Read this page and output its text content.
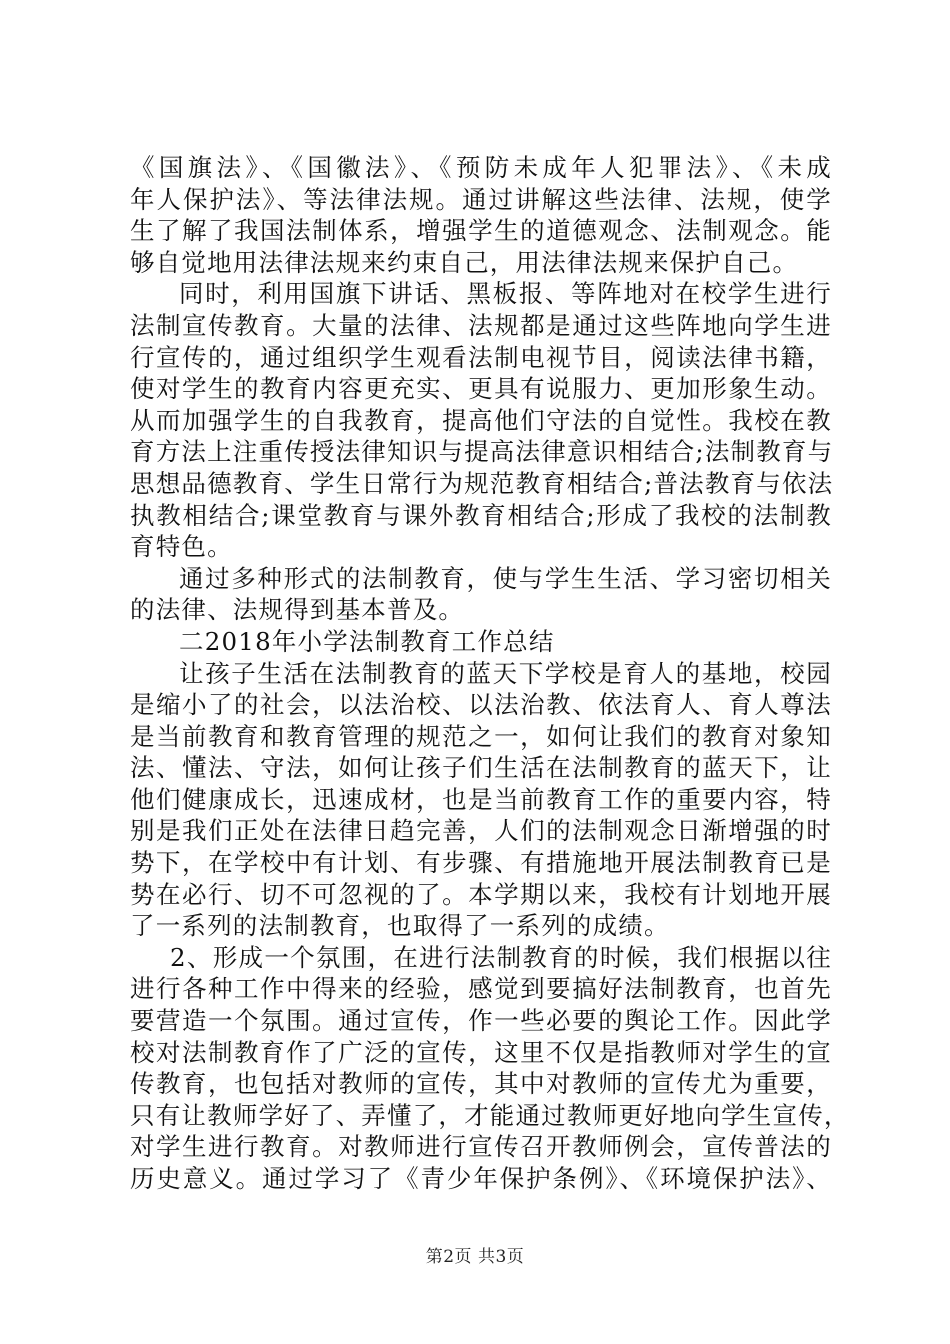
《国旗法》、《国徽法》、《预防未成年人犯罪法》、《未成
年人保护法》、等法律法规。通过讲解这些法律、法规，使学
生了解了我国法制体系，增强学生的道德观念、法制观念。能
够自觉地用法律法规来约束自己，用法律法规来保护自己。
同时，利用国旗下讲话、黑板报、等阵地对在校学生进行
法制宣传教育。大量的法律、法规都是通过这些阵地向学生进
行宣传的，通过组织学生观看法制电视节目，阅读法律书籍，
使对学生的教育内容更充实、更具有说服力、更加形象生动。
从而加强学生的自我教育，提高他们守法的自觉性。我校在教
育方法上注重传授法律知识与提高法律意识相结合;法制教育与
思想品德教育、学生日常行为规范教育相结合;普法教育与依法
执教相结合;课堂教育与课外教育相结合;形成了我校的法制教
育特色。
通过多种形式的法制教育，使与学生生活、学习密切相关
的法律、法规得到基本普及。
二2018年小学法制教育工作总结
让孩子生活在法制教育的蓝天下学校是育人的基地，校园
是缩小了的社会，以法治校、以法治教、依法育人、育人尊法
是当前教育和教育管理的规范之一，如何让我们的教育对象知
法、懂法、守法，如何让孩子们生活在法制教育的蓝天下，让
他们健康成长，迅速成材，也是当前教育工作的重要内容，特
别是我们正处在法律日趋完善，人们的法制观念日渐增强的时
势下，在学校中有计划、有步骤、有措施地开展法制教育已是
势在必行、切不可忽视的了。本学期以来，我校有计划地开展
了一系列的法制教育，也取得了一系列的成绩。
2、形成一个氛围，在进行法制教育的时候，我们根据以往
进行各种工作中得来的经验，感觉到要搞好法制教育，也首先
要营造一个氛围。通过宣传，作一些必要的舆论工作。因此学
校对法制教育作了广泛的宣传，这里不仅是指教师对学生的宣
传教育，也包括对教师的宣传，其中对教师的宣传尤为重要，
只有让教师学好了、弄懂了，才能通过教师更好地向学生宣传，
对学生进行教育。对教师进行宣传召开教师例会，宣传普法的
历史意义。通过学习了《青少年保护条例》、《环境保护法》、
第2页 共3页
